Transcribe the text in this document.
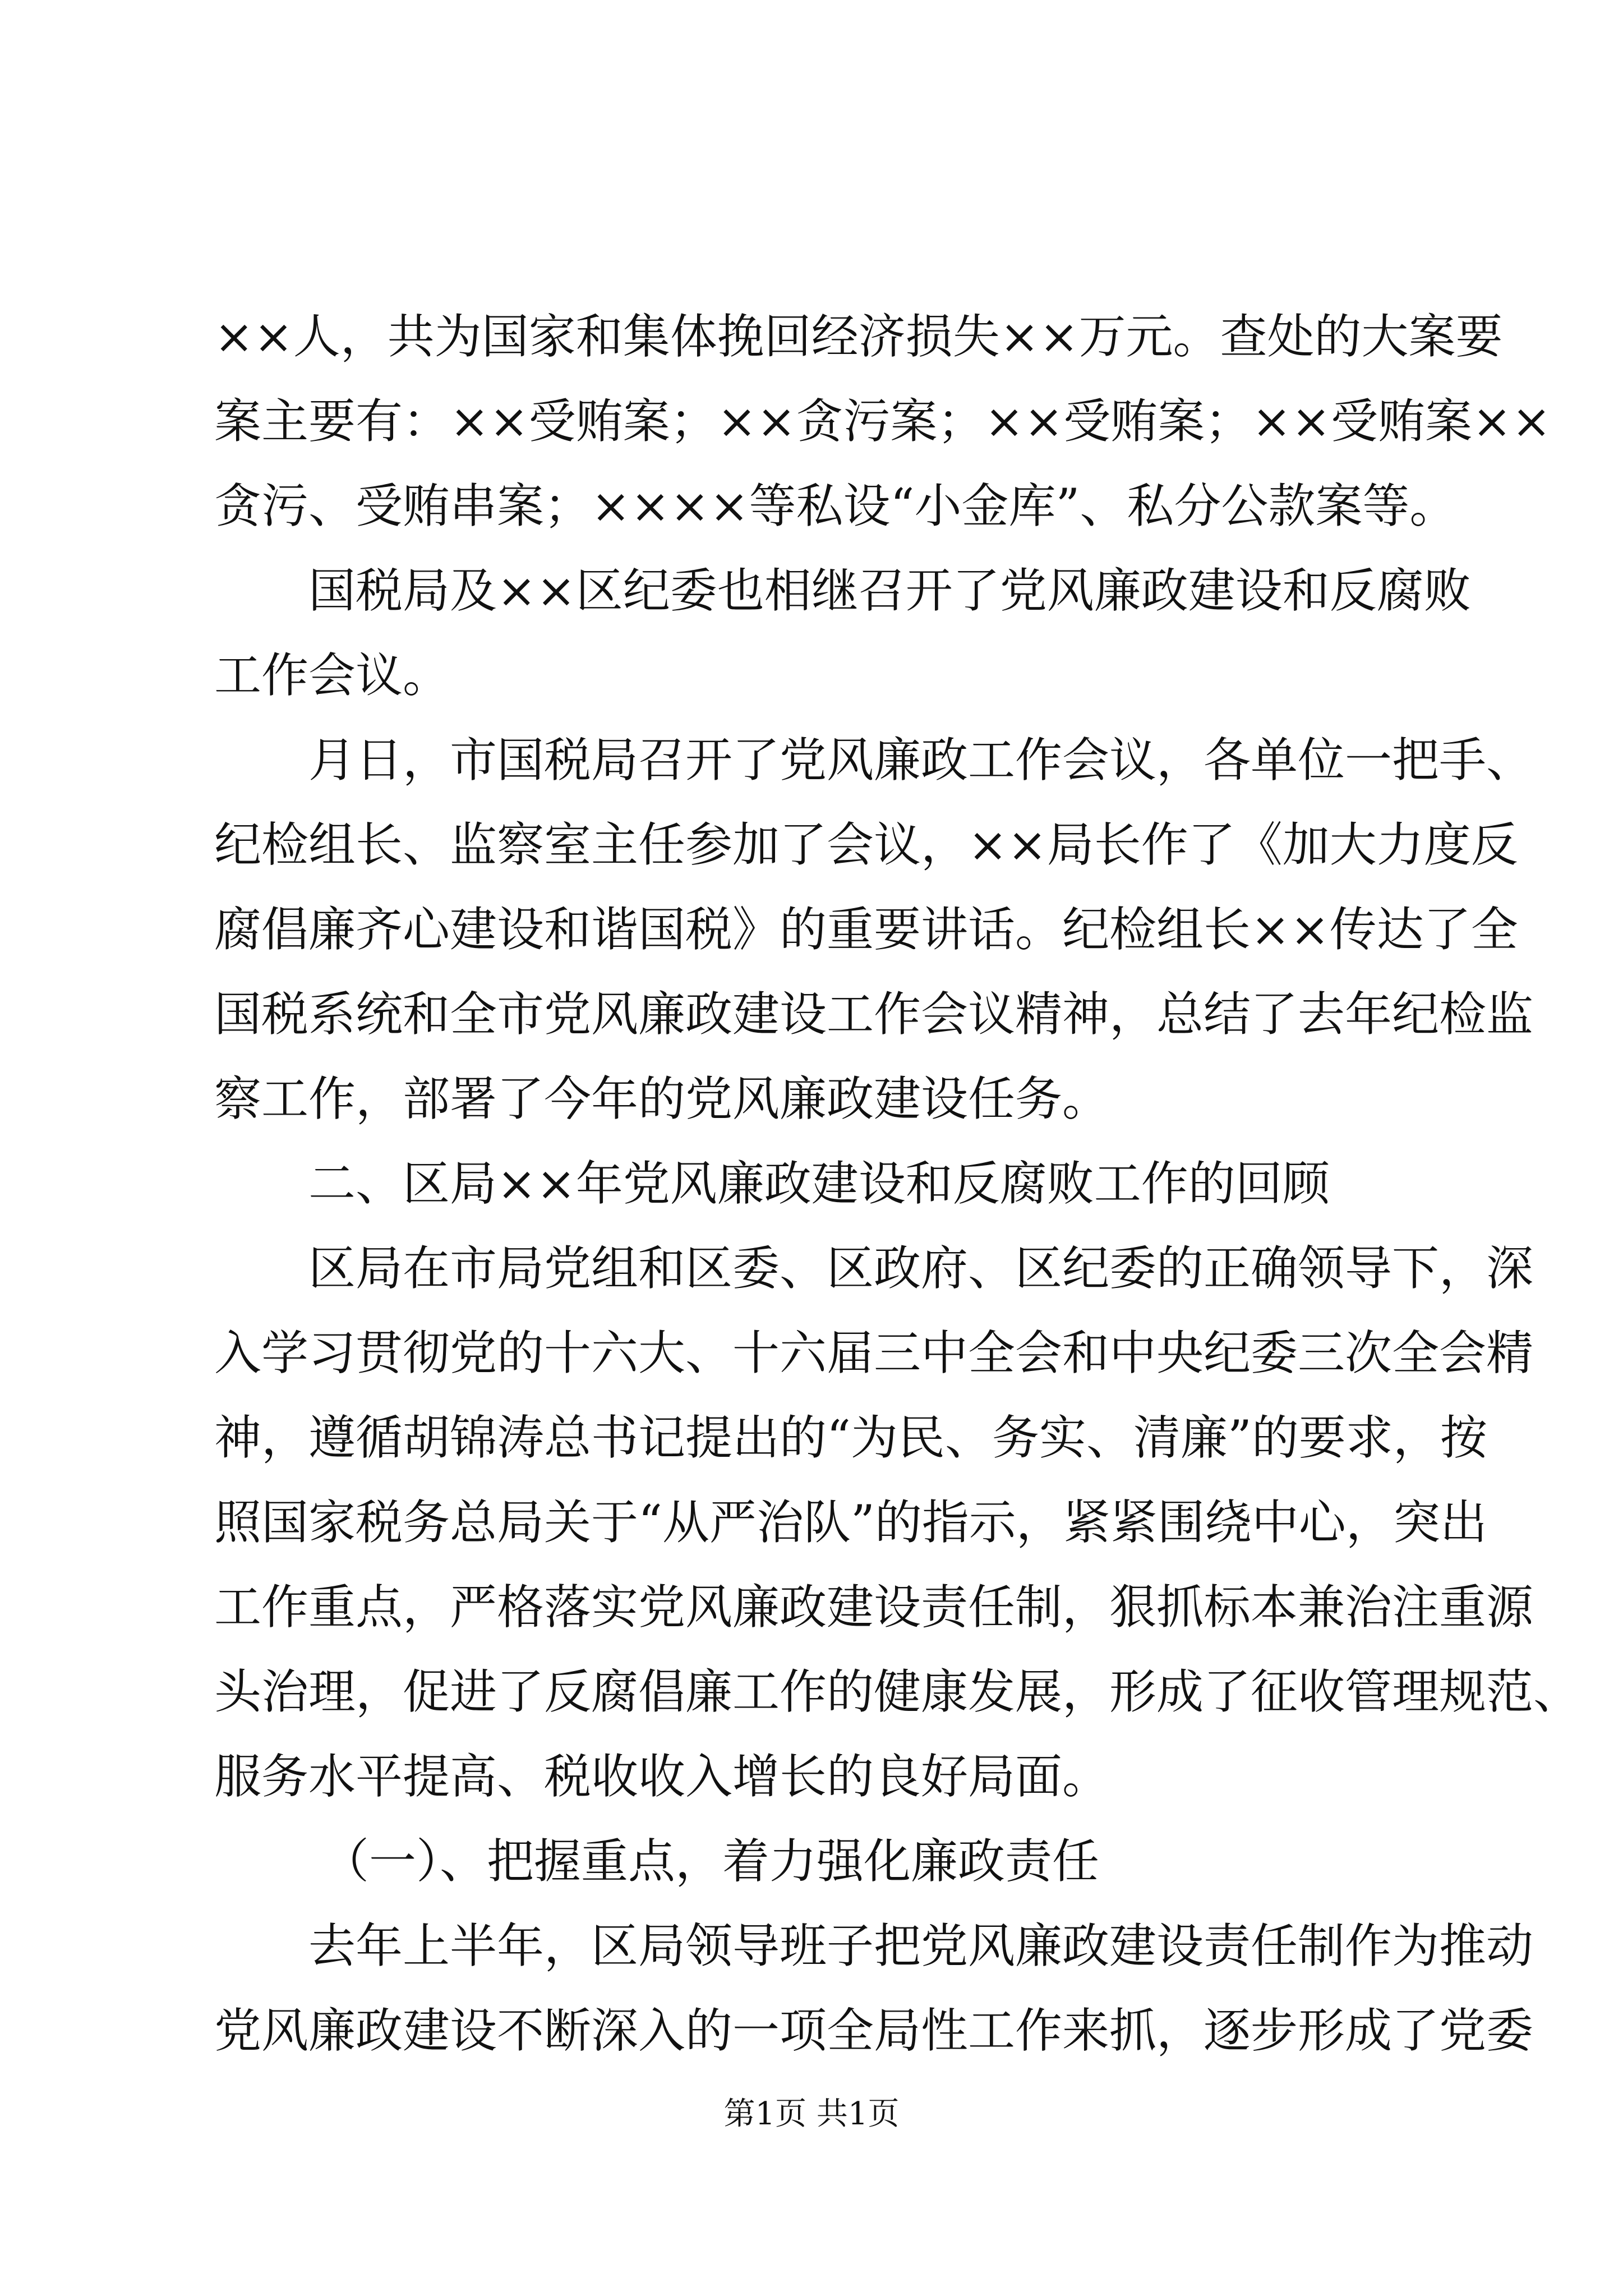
××人，共为国家和集体挽回经济损失××万元。查处的大案要
案主要有：××受贿案；××贪污案；××受贿案；××受贿案××
贪污、受贿串案；××××等私设“小金库”、私分公款案等。
国税局及××区纪委也相继召开了党风廉政建设和反腐败
工作会议。
月日，市国税局召开了党风廉政工作会议，各单位一把手、
纪检组长、监察室主任参加了会议，××局长作了《加大力度反
腐倡廉齐心建设和谐国税》的重要讲话。纪检组长××传达了全
国税系统和全市党风廉政建设工作会议精神，总结了去年纪检监
察工作，部署了今年的党风廉政建设任务。
二、区局××年党风廉政建设和反腐败工作的回顾
区局在市局党组和区委、区政府、区纪委的正确领导下，深
入学习贯彻党的十六大、十六届三中全会和中央纪委三次全会精
神，遵循胡锦涛总书记提出的“为民、务实、清廉”的要求，按
照国家税务总局关于“从严治队”的指示，紧紧围绕中心，突出
工作重点，严格落实党风廉政建设责任制，狠抓标本兼治注重源
头治理，促进了反腐倡廉工作的健康发展，形成了征收管理规范、
服务水平提高、税收收入增长的良好局面。
（一）、把握重点，着力强化廉政责任
去年上半年，区局领导班子把党风廉政建设责任制作为推动
党风廉政建设不断深入的一项全局性工作来抓，逐步形成了党委
第1页 共1页
